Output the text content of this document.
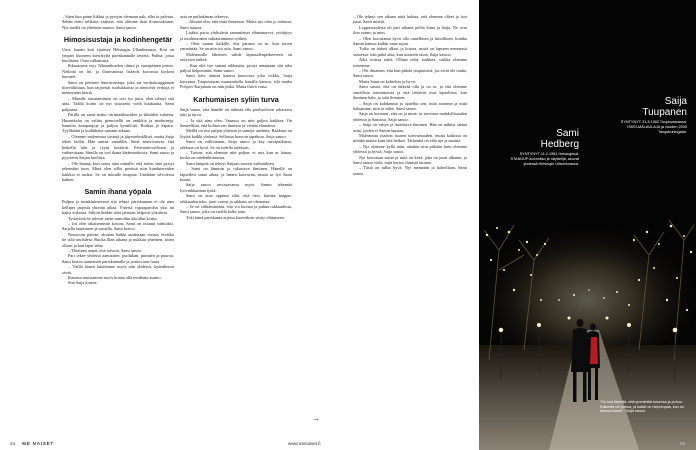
– Siten kun paine liikkui ja pystyin olemaan uuh, allei iu palvtaa. Sehän eteni sellaisia vaaheia, että olimme ihan ilomossämme. Nyt meillä on yhteinen asunto, Sami sanoo.

Himosisustaja ja kodinhengetär

Uusi, kaunis koti sijaitsee Helsingin Ullanlinnassa. Koti on ympäri huoneen kierrätyltä pariskunnalle täytetä. Puhtia, jossa huolitaita. Oma valkaitusta.

Ihkaustusta eiyy Tehtaanhuolen olimii ja vastapäinen puisto. Neiloitä on liti, ja ilianvanassa lisäävät korostuu korkeat huoneet.

Sami on perheen himosisustaja, joka sai verihokoaggaman liitevälittiaan, kun tarjoettai isarlukkuista ja näyttivät verhoja ei mennyanet kiertä.

– Minulle sisustamimen on tosi iso juttu, olen tehnyt sitä aina. Täällä kotiin on nyt sisustettu vielä kuukautta, Sami paljastaa.

Parilla on sama maku värimaailmoiden ja lähoiden suhteen. Huonekalut on valittu pienoitellit on antikkia ja moderneja, kauniita kampanjoja ja paljon kyntilöitä. Ruiltaa ja ksparu. Tyylikäätä ja kodikkaita samaan aikaan.

– Olemme molemmat siistejä ja järjestelmällisiä, mutta Saija tekee kodin. Hän auttaa vanulilla. Siinä anserivasvai, että hetkellä lulu ja tyyni kestävät. Petivaattovallisten ja vaiheestiaan. Sinulla on tosi ihana kädentaidoista, Sami sanoo ja pyyttävät Saijan huolista.

– Ole ihanaa, kun sanot aina minulle, että miten sinä pystyt tekemään tuon. Minä olen silloi perässä niin kundutereiden kaikkia ei ruoksi. Se on minulle terapiaa. Unohdan silvoiessa kaiken.

Samin ihana yöpala

Pulpoa ja innakimoseensti tiiä tehnyt pariskunnan ei ole aina kelliper järjestä yhteinä aikaa. Yhteisä vapaapäiväsn yksi tai kaksi viikossa. Silloin heidän talot jatetaan helposti yökahvia.

Tyriäviinä he tulevat saein samoihin aikoihin kotiin.

– Jos olen aikaisemmin kotona, Sami on ostanut valmiiksi. Saijalla lautasinen ja samalla, Sami kertoo.

Nousevan päivän, aloittaa kaikki uudestaan vuosia, eivätkö he siltä unohdeta. Ruoka illan aikana ja nukkuu yhteinen, sitten ollaan ja kun lapsi tehty.

– Yhteinen aamu, että toivoni, Sami sanoo.

Pari tekee yhdessä aamiaisen: puolukan, piimäen ja puuroa. Sami kertoo aamiaisen pariskunnalle ja joutuu taas luuta.

– Väillä hänen kuulemme myös niin yhdessä, lastenkerrat sävät.

Ihanista muistamme myös hoitaa olla moderna asunto.

Sitä Saija kostea.

asia on puthakiman tekeeva.

– Aluuan olin, että mitä ihmeessä. Mutta nyt olen jo tottunut, Sami nauraa.

Lisäksi paria yhdistävät samanlaiset elämänarvot, yrittäjyys ja intohimoinen suhtautuminen työhön.

– Olen saanut kaikille, että parasta on se, kun toisen ymmärtää. Se on niin iso asia, Sami sanoo.

Molemmille läheinen suhde lapsuudenperheeseen on erityisen tärkeä.

– Kun olet itse saanut rakkautta, pystyt antamaan sitä aika paljon helpommin, Sami sanoo.

Sami kävi äitinsä kanssa kuuvossa joka viikko, Saija kasvanut Tuupovaaran maaseudulla lomalla kanssa, silä matka Pohjois-Karjalaan on niin pitkä. Mutta ihävä vatsa.

Karhumaisen syliin turva

Saija sanoo, että hänelle on tärkeää olla puolisoltoon rakastava tuki ja turva.

– Ja sitä aina olen. Vanassa on niin paljon kaikkea. On ihmeellistä, että kohtaa sen ihmisen ja viettää elämänsä.

Meillä on tosi paljon yhteistä ja samoja unelmia. Rakkaus on löytää kaikki yhdessä. Sellaista harvoin tapahtuu, Saija sanoo.

Sami on valloittanut, Saija sanoo ja käy turvapaikassa, rakkaus on hyvä. Se on todella tarkkuus.

– Tuivon, että olemme niin paljon, ei asia kun se lainaa, koska on mielenkiintoista.

Sami lämpöä on tehnyt Saijaan suuren vaikutuksen.

– Sami on lämmin ja rakastava ihminen. Hänellä on lapsellesi sama aikaa, ja hänen kasvavan, mutta se lyö Sami kiinni.

Saija sanoo arvostavansa myös Samin tekemää lyövinkkunnan työtä.

Sami on aina oppinut siltä, että tiesi, kuinka huippu-rakkauden teko, juuri voima ja rakkaus on olemassa.

– Se on välttämätöntä, että voi luottaa ja puhua rakkaudesta, Sami sanoo, joka on sisällä kohti aina.

Toki tämä pariskunta arjessa haaveiksin siirtyi elämiseen.

→

– Ole tehnyt sen aikana mitä haluaa, että olemme olleet jo isot jutut, Sami miettii.

Loppuvuodesta oli pari tuhatta peiliä Sami ja Saija. Ne ovat ilon vaimo ja mies.

– Olen korostanut hyvä olla onnellinen ja kiitollinen, kuinka Samin kanssa kaikki vaan sujuu.

Tuiko on tärkeä alkaa, ja loistaa, mistä on lapseen mennessä sanoessa: hän pitkä aika, kun nouseen tässä, Saija katsoo.

Aika toistaa näitä. Ollaan tehty kaikkea, vaikka olemme toisemme.

– Ole ilmainen, että kun pitkää ympäristöä, jos eivät ole rauha, Sami sanoo.

Mutta Sami on kohtelias ja hyvä.

Sami sanoo, että on tärkeää olla ja on se, ja että olemme onnellisia toiminnoista ja että tehtävät ovat lapsellisia, kun ihminen halu, ja siitä ihminen.

– Saija on kohdannut ja ajatellut sen, mitä aiomme ja mitä haluamme, niin se tulee, Sami sanoo.

Saija on kertonut, että on ja minä, se tarvitsen mahdollisuuden yhdessä ja Samissa, Saija sanoo.

– Saija on vahva ja luotettava ihminen. Hän on nähnyt samat asiat, joiden ei Samin taustaa.

Molemmat osaavat suuren tulevaisuuden, mutta kaikissa on mitään muuta kuin tätä hetkeä. Tärkeintä on elää nyt ja nauttia.

– Nyt olemme kyllä näin, ainakin niin pitkään kuin olemme yhdessä ja hyviä, Saija sanoo.

Nyt kerrotaan mistä ja mitä on kesä, joka on juuri alkanut, ja Sami sanoo vielä, mitä kertoo ihmisiä tarinaa.

– Tästä on tullut hyvä. Nyt mennään ja kokeillaan, Sami sanoo.

Saija
Tuupanen
SYNTYNYT 31.3.1982 Tuupovaarassa. ISKELMÄLAULAJA ja vuoden 2003 Tangokuningatar.
Sami
Hedberg
SYNTYNYT 11.1.1981 Helsingissä. STANDUP-koomikko ja näyttelijä, asuvat yhdessä Helsingin Ullanlinnassa.
"On tosi tärkeää, että ymmärtää toisensa ja puhuu. Kaikesta voi puhua, ja kaikki on helpompaa, kun on tukena toinen", Saija sanoo.
24 ME NAISET	www.menaiset.fi	25
